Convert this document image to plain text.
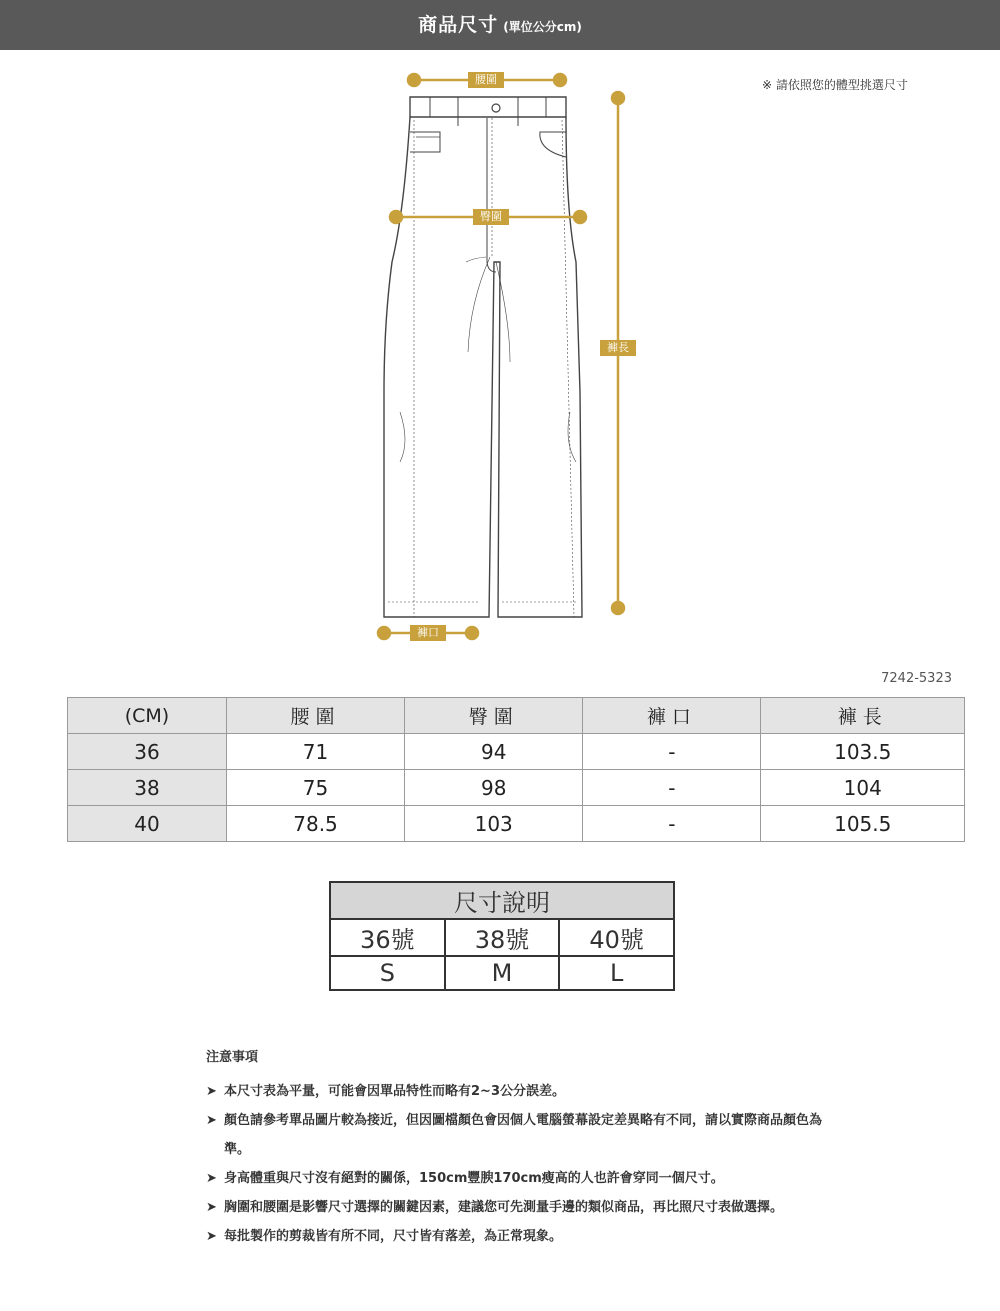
商品尺寸 (單位公分cm)
※ 請依照您的體型挑選尺寸
腰圍
臀圍
褲長
褲口
7242-5323
(CM)	腰圍	臀圍	褲口	褲長
36	71	94	-	103.5
38	75	98	-	104
40	78.5	103	-	105.5
尺寸說明		
36號	38號	40號
S	M	L
注意事項
➤ 本尺寸表為平量，可能會因單品特性而略有2~3公分誤差。
➤ 顏色請參考單品圖片較為接近，但因圖檔顏色會因個人電腦螢幕設定差異略有不同，請以實際商品顏色為準。
➤ 身高體重與尺寸沒有絕對的關係，150cm豐腴170cm瘦高的人也許會穿同一個尺寸。
➤ 胸圍和腰圍是影響尺寸選擇的關鍵因素，建議您可先測量手邊的類似商品，再比照尺寸表做選擇。
➤ 每批製作的剪裁皆有所不同，尺寸皆有落差，為正常現象。
